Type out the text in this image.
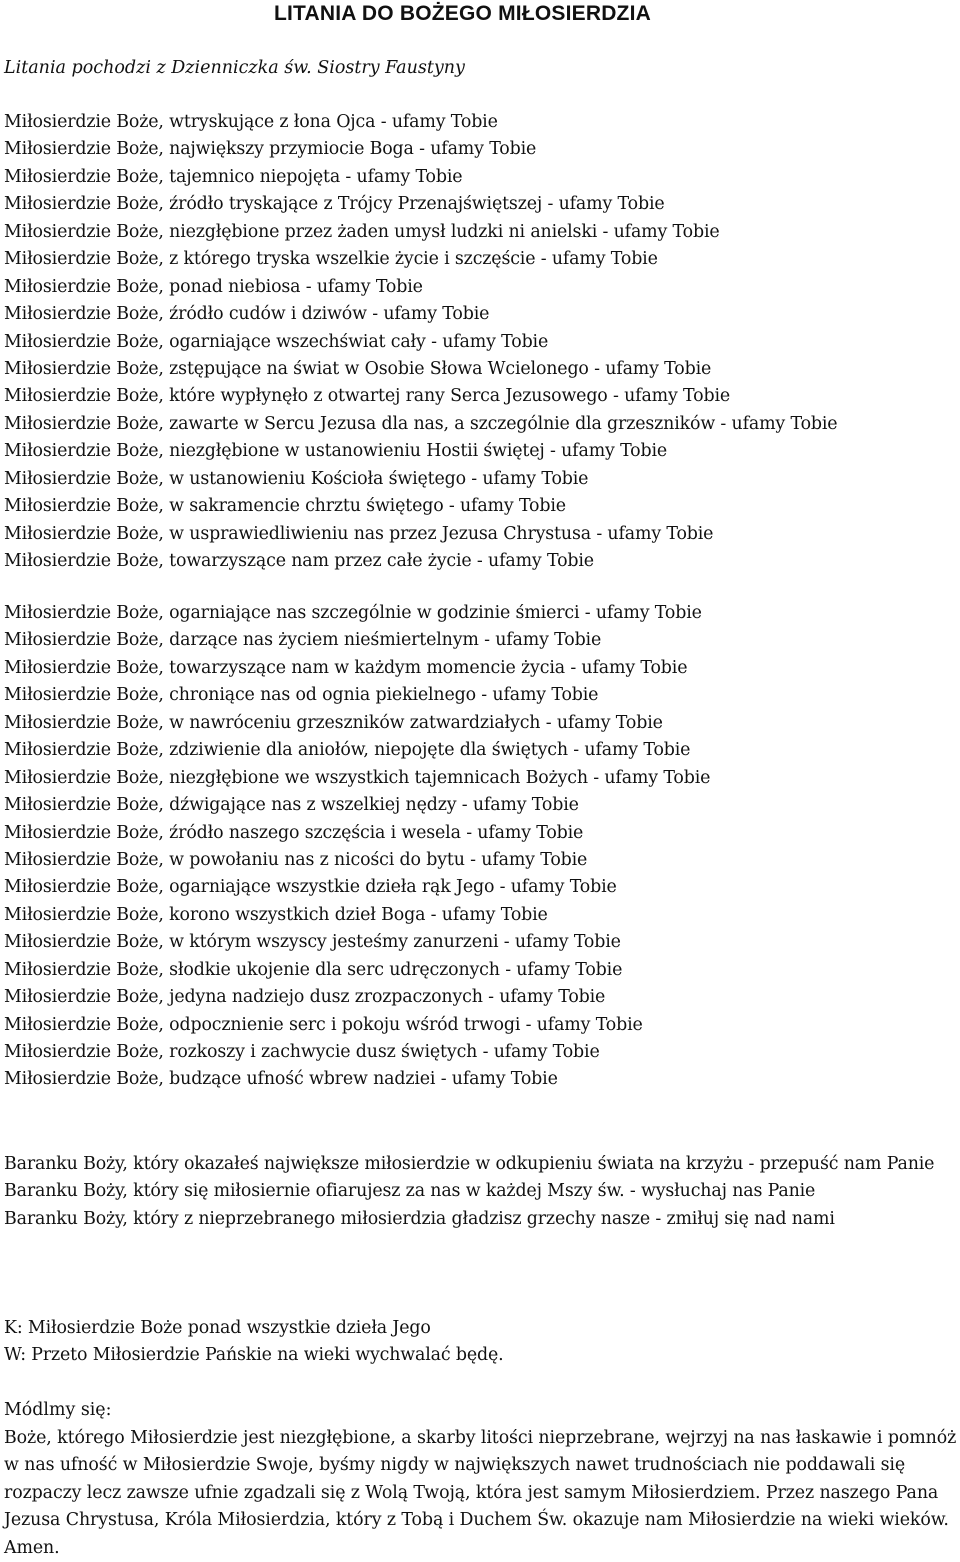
LITANIA DO BOŻEGO MIŁOSIERDZIA
Litania pochodzi z Dzienniczka św. Siostry Faustyny
Miłosierdzie Boże, wtryskujące z łona Ojca - ufamy Tobie
Miłosierdzie Boże, największy przymiocie Boga - ufamy Tobie
Miłosierdzie Boże, tajemnico niepojęta - ufamy Tobie
Miłosierdzie Boże, źródło tryskające z Trójcy Przenajświętszej - ufamy Tobie
Miłosierdzie Boże, niezgłębione przez żaden umysł ludzki ni anielski - ufamy Tobie
Miłosierdzie Boże, z którego tryska wszelkie życie i szczęście - ufamy Tobie
Miłosierdzie Boże, ponad niebiosa - ufamy Tobie
Miłosierdzie Boże, źródło cudów i dziwów - ufamy Tobie
Miłosierdzie Boże, ogarniające wszechświat cały - ufamy Tobie
Miłosierdzie Boże, zstępujące na świat w Osobie Słowa Wcielonego - ufamy Tobie
Miłosierdzie Boże, które wypłynęło z otwartej rany Serca Jezusowego - ufamy Tobie
Miłosierdzie Boże, zawarte w Sercu Jezusa dla nas, a szczególnie dla grzeszników - ufamy Tobie
Miłosierdzie Boże, niezgłębione w ustanowieniu Hostii świętej - ufamy Tobie
Miłosierdzie Boże, w ustanowieniu Kościoła świętego - ufamy Tobie
Miłosierdzie Boże, w sakramencie chrztu świętego - ufamy Tobie
Miłosierdzie Boże, w usprawiedliwieniu nas przez Jezusa Chrystusa - ufamy Tobie
Miłosierdzie Boże, towarzyszące nam przez całe życie - ufamy Tobie
Miłosierdzie Boże, ogarniające nas szczególnie w godzinie śmierci - ufamy Tobie
Miłosierdzie Boże, darzące nas życiem nieśmiertelnym - ufamy Tobie
Miłosierdzie Boże, towarzyszące nam w każdym momencie życia - ufamy Tobie
Miłosierdzie Boże, chroniące nas od ognia piekielnego - ufamy Tobie
Miłosierdzie Boże, w nawróceniu grzeszników zatwardziałych - ufamy Tobie
Miłosierdzie Boże, zdziwienie dla aniołów, niepojęte dla świętych - ufamy Tobie
Miłosierdzie Boże, niezgłębione we wszystkich tajemnicach Bożych - ufamy Tobie
Miłosierdzie Boże, dźwigające nas z wszelkiej nędzy - ufamy Tobie
Miłosierdzie Boże, źródło naszego szczęścia i wesela - ufamy Tobie
Miłosierdzie Boże, w powołaniu nas z nicości do bytu - ufamy Tobie
Miłosierdzie Boże, ogarniające wszystkie dzieła rąk Jego - ufamy Tobie
Miłosierdzie Boże, korono wszystkich dzieł Boga - ufamy Tobie
Miłosierdzie Boże, w którym wszyscy jesteśmy zanurzeni - ufamy Tobie
Miłosierdzie Boże, słodkie ukojenie dla serc udręczonych - ufamy Tobie
Miłosierdzie Boże, jedyna nadziejo dusz zrozpaczonych - ufamy Tobie
Miłosierdzie Boże, odpocznienie serc i pokoju wśród trwogi - ufamy Tobie
Miłosierdzie Boże, rozkoszy i zachwycie dusz świętych - ufamy Tobie
Miłosierdzie Boże, budzące ufność wbrew nadziei - ufamy Tobie
Baranku Boży, który okazałeś największe miłosierdzie w odkupieniu świata na krzyżu - przepuść nam Panie
Baranku Boży, który się miłosiernie ofiarujesz za nas w każdej Mszy św. - wysłuchaj nas Panie
Baranku Boży, który z nieprzebranego miłosierdzia gładzisz grzechy nasze - zmiłuj się nad nami
K: Miłosierdzie Boże ponad wszystkie dzieła Jego
W: Przeto Miłosierdzie Pańskie na wieki wychwalać będę.
Módlmy się:
Boże, którego Miłosierdzie jest niezgłębione, a skarby litości nieprzebrane, wejrzyj na nas łaskawie i pomnóż w nas ufność w Miłosierdzie Swoje, byśmy nigdy w największych nawet trudnościach nie poddawali się rozpaczy lecz zawsze ufnie zgadzali się z Wolą Twoją, która jest samym Miłosierdziem. Przez naszego Pana Jezusa Chrystusa, Króla Miłosierdzia, który z Tobą i Duchem Św. okazuje nam Miłosierdzie na wieki wieków. Amen.
